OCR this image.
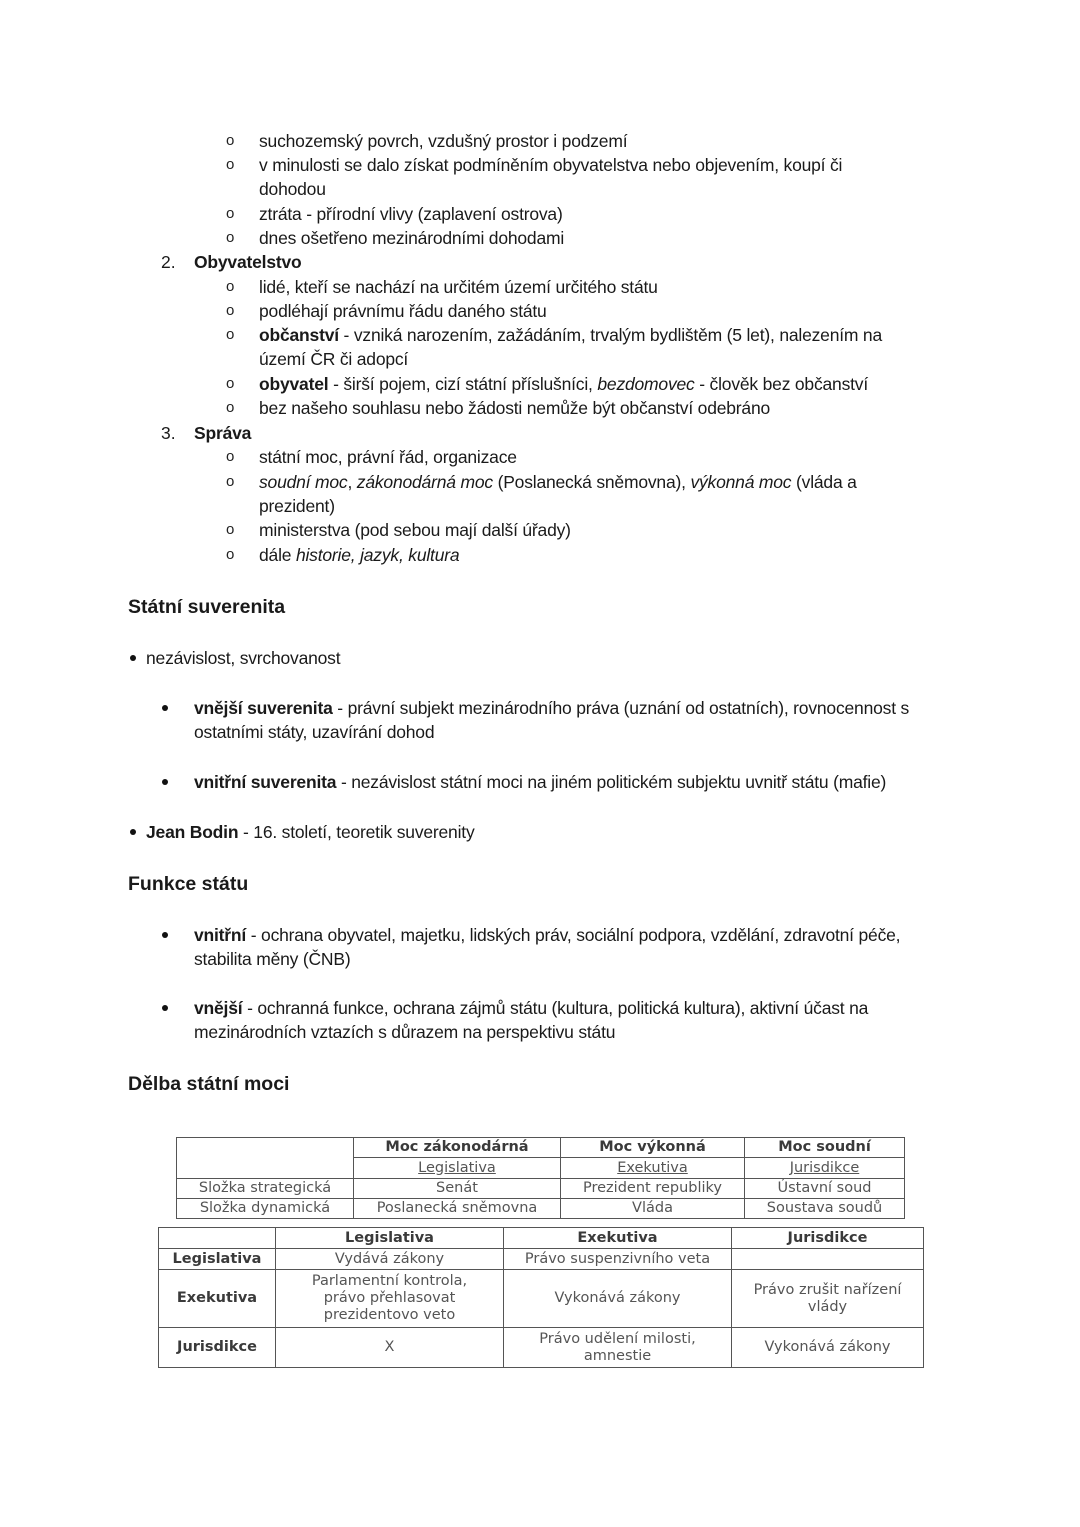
o suchozemský povrch, vzdušný prostor i podzemí
o v minulosti se dalo získat podmíněním obyvatelstva nebo objevením, koupí či
dohodou
o ztráta - přírodní vlivy (zaplavení ostrova)
o dnes ošetřeno mezinárodními dohodami
2. Obyvatelstvo
o lidé, kteří se nachází na určitém území určitého státu
o podléhají právnímu řádu daného státu
o občanství - vzniká narozením, zažádáním, trvalým bydlištěm (5 let), nalezením na
území ČR či adopcí
o obyvatel - širší pojem, cizí státní příslušníci, bezdomovec - člověk bez občanství
o bez našeho souhlasu nebo žádosti nemůže být občanství odebráno
3. Správa
o státní moc, právní řád, organizace
o soudní moc, zákonodárná moc (Poslanecká sněmovna), výkonná moc (vláda a
prezident)
o ministerstva (pod sebou mají další úřady)
o dále historie, jazyk, kultura
Státní suverenita
nezávislost, svrchovanost
vnější suverenita - právní subjekt mezinárodního práva (uznání od ostatních), rovnocennost s
ostatními státy, uzavírání dohod
vnitřní suverenita - nezávislost státní moci na jiném politickém subjektu uvnitř státu (mafie)
Jean Bodin - 16. století, teoretik suverenity
Funkce státu
vnitřní - ochrana obyvatel, majetku, lidských práv, sociální podpora, vzdělání, zdravotní péče,
stabilita měny (ČNB)
vnější - ochranná funkce, ochrana zájmů státu (kultura, politická kultura), aktivní účast na
mezinárodních vztazích s důrazem na perspektivu státu
Dělba státní moci
	Moc zákonodárná	Moc výkonná	Moc soudní
	Legislativa	Exekutiva	Jurisdikce
Složka strategická	Senát	Prezident republiky	Ústavní soud
Složka dynamická	Poslanecká sněmovna	Vláda	Soustava soudů
	Legislativa	Exekutiva	Jurisdikce
Legislativa	Vydává zákony	Právo suspenzivního veta	
Exekutiva	Parlamentní kontrola, právo přehlasovat prezidentovo veto	Vykonává zákony	Právo zrušit nařízení vlády
Jurisdikce	X	Právo udělení milosti, amnestie	Vykonává zákony
